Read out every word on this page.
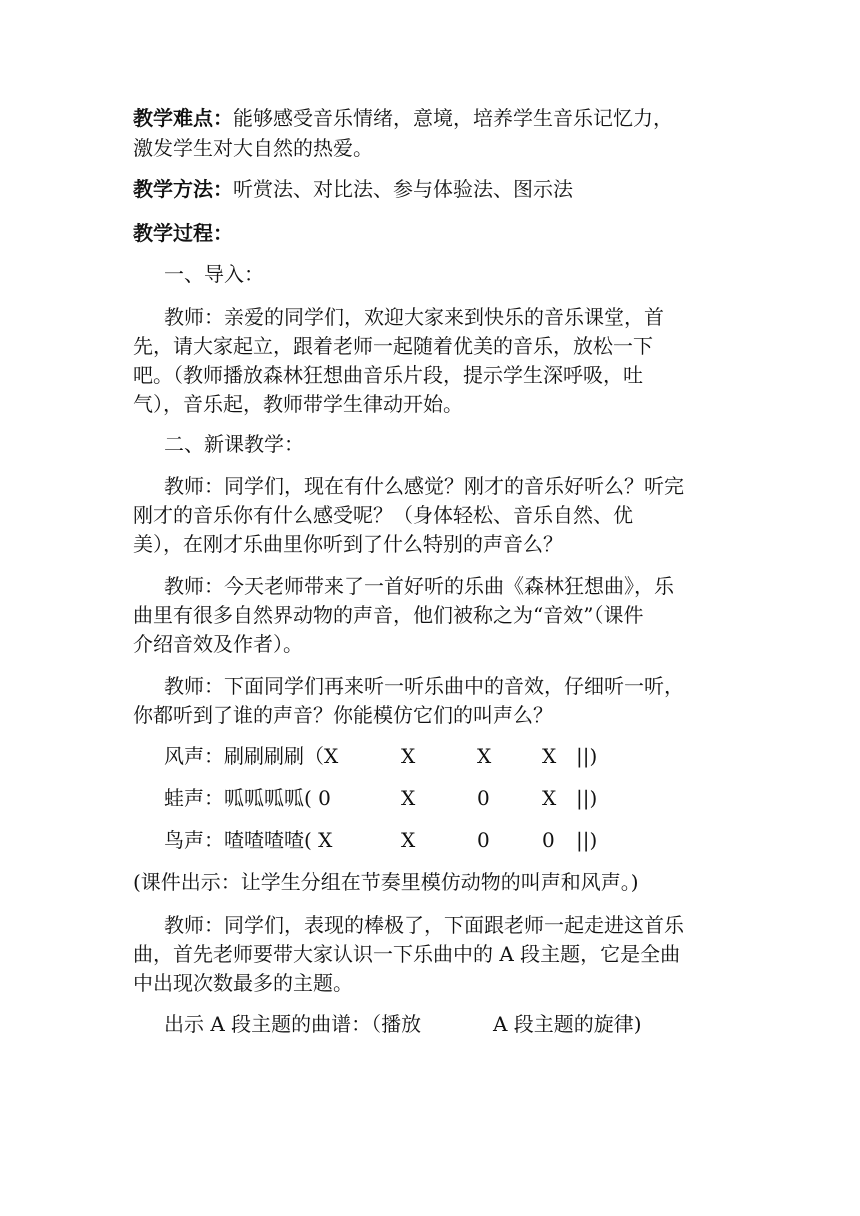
教学难点：能够感受音乐情绪，意境，培养学生音乐记忆力，
激发学生对大自然的热爱。
教学方法：听赏法、对比法、参与体验法、图示法
教学过程：
一、导入：
教师：亲爱的同学们，欢迎大家来到快乐的音乐课堂，首
先，请大家起立，跟着老师一起随着优美的音乐，放松一下
吧。（教师播放森林狂想曲音乐片段，提示学生深呼吸，吐
气），音乐起，教师带学生律动开始。
二、新课教学：
教师：同学们，现在有什么感觉？刚才的音乐好听么？听完
刚才的音乐你有什么感受呢？（身体轻松、音乐自然、优
美），在刚才乐曲里你听到了什么特别的声音么？
教师：今天老师带来了一首好听的乐曲《森林狂想曲》，乐
曲里有很多自然界动物的声音，他们被称之为“音效”（课件
介绍音效及作者）。
教师：下面同学们再来听一听乐曲中的音效，仔细听一听，
你都听到了谁的声音？你能模仿它们的叫声么？
风声：刷刷刷刷（X	X	X	X ||)
蛙声：呱呱呱呱( 0	X	0	X ||)
鸟声：喳喳喳喳( X	X	0	0 ||)
(课件出示：让学生分组在节奏里模仿动物的叫声和风声。)
教师：同学们，表现的棒极了，下面跟老师一起走进这首乐
曲，首先老师要带大家认识一下乐曲中的 A 段主题，它是全曲
中出现次数最多的主题。
出示 A 段主题的曲谱：（播放	A 段主题的旋律)
